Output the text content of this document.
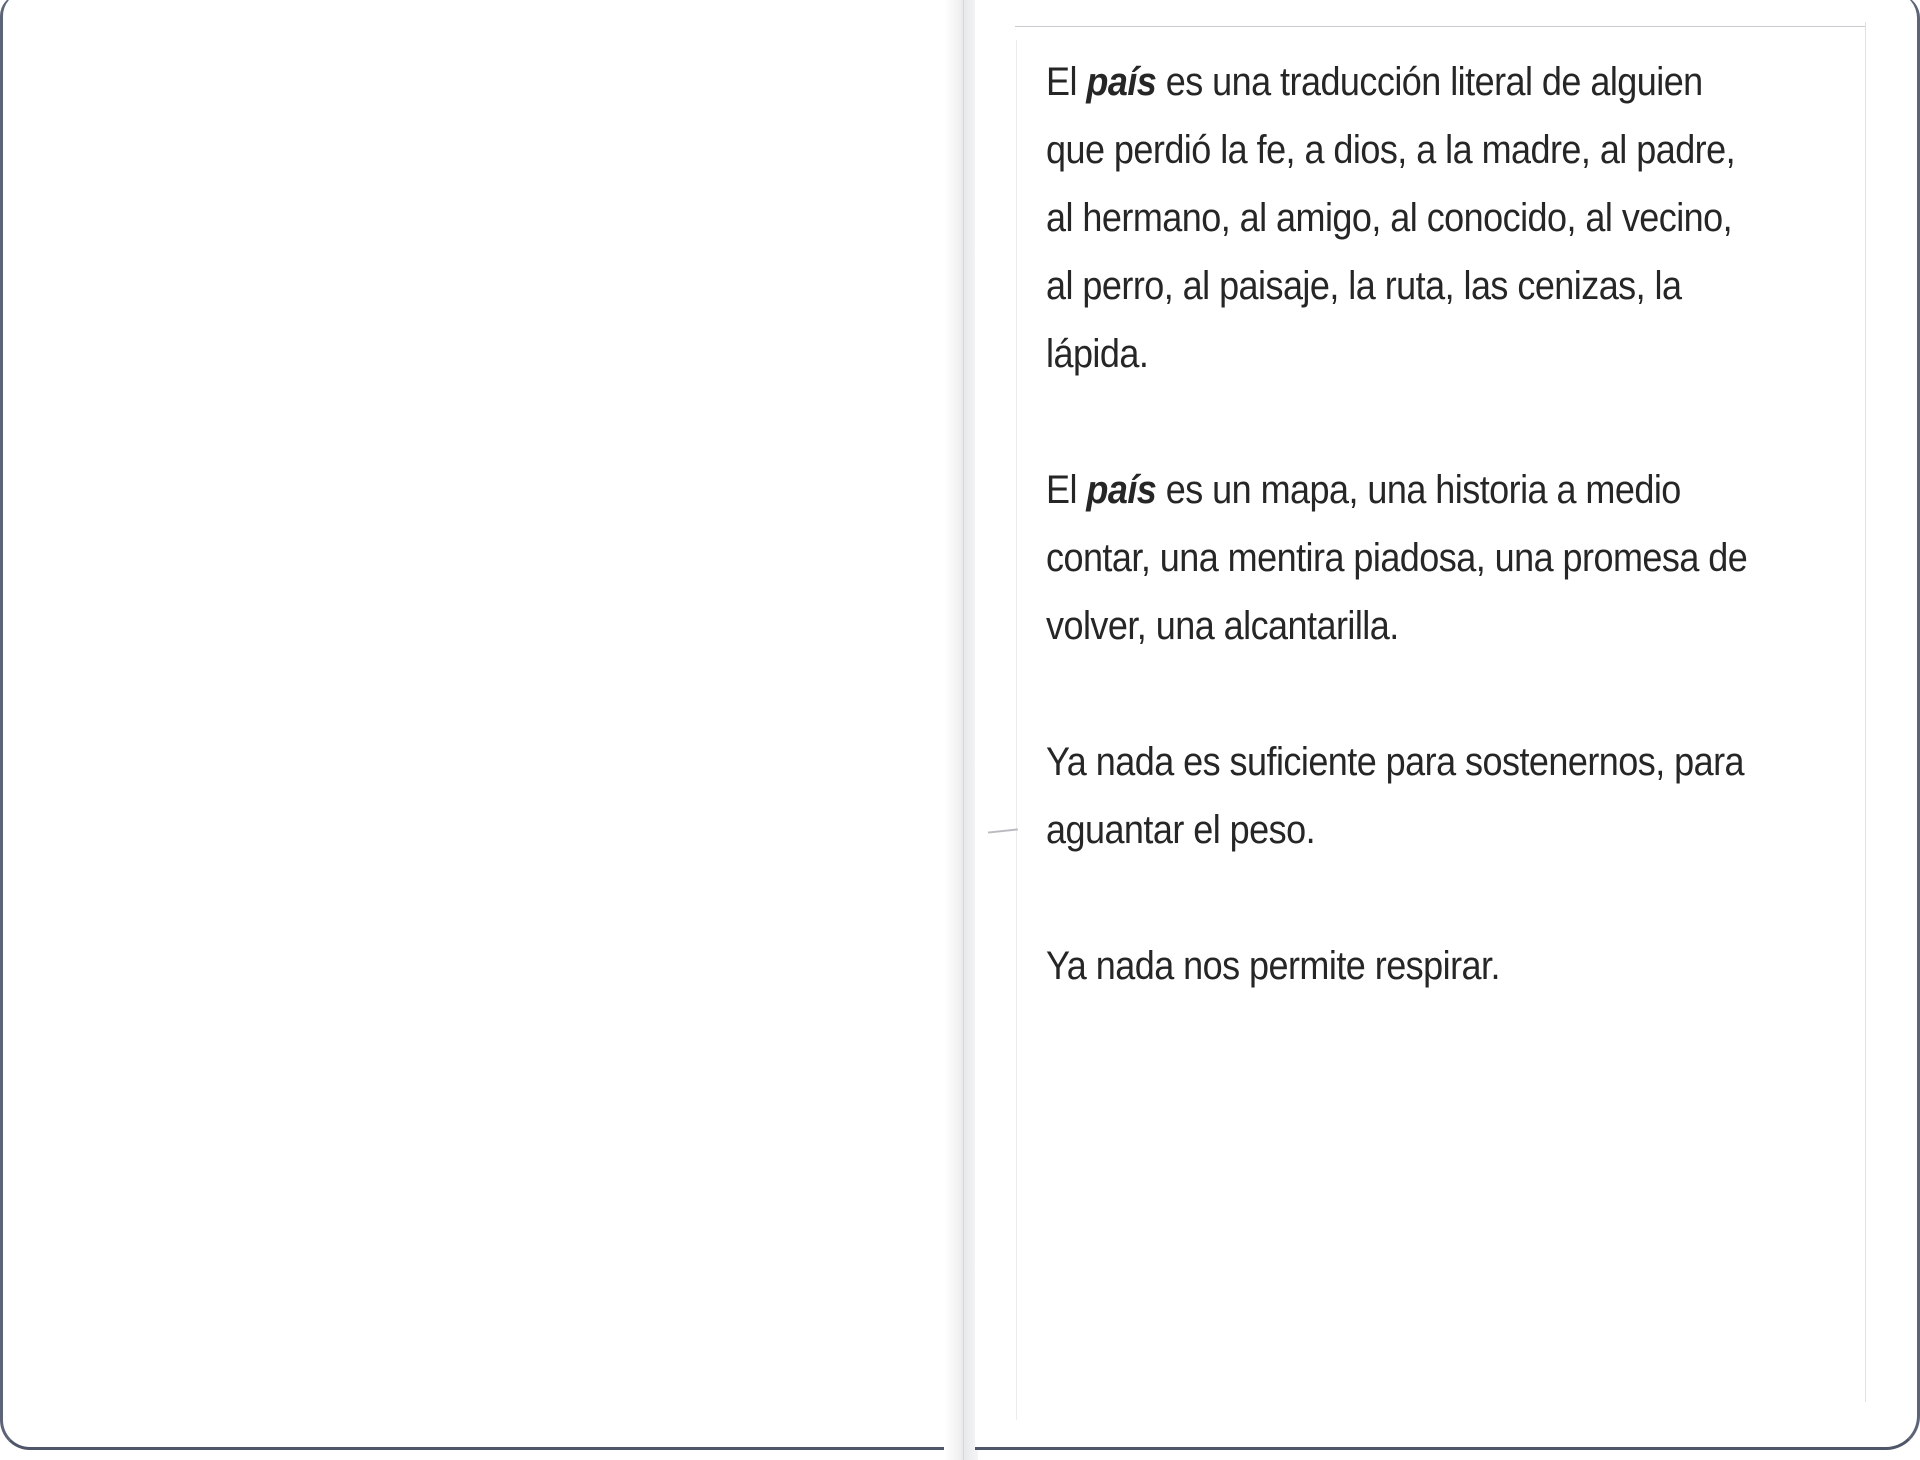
El país es una traducción literal de alguien que perdió la fe, a dios, a la madre, al padre, al hermano, al amigo, al conocido, al vecino, al perro, al paisaje, la ruta, las cenizas, la lápida.

El país es un mapa, una historia a medio contar, una mentira piadosa, una promesa de volver, una alcantarilla.

Ya nada es suficiente para sostenernos, para aguantar el peso.

Ya nada nos permite respirar.
